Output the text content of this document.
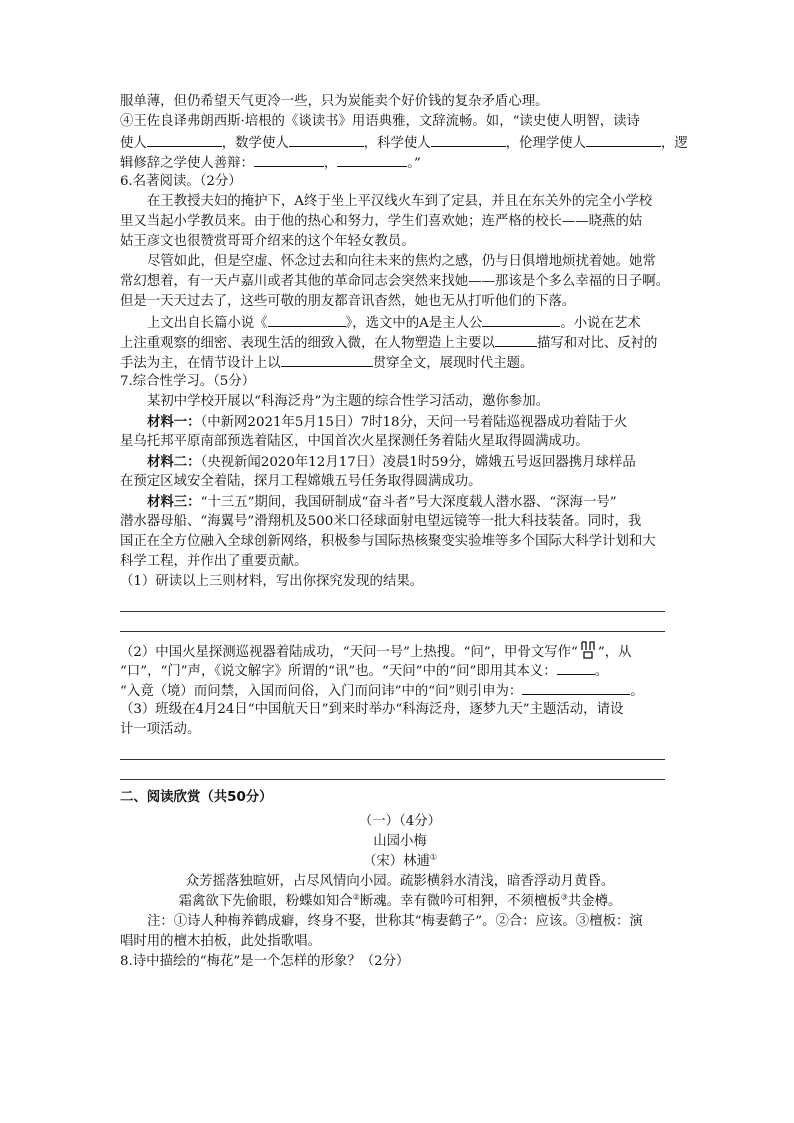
服单薄，但仍希望天气更冷一些，只为炭能卖个好价钱的复杂矛盾心理。
④王佐良译弗朗西斯·培根的《谈读书》用语典雅，文辞流畅。如，“读史使人明智，读诗
使人	，数学使人	，科学使人	，伦理学使人	，逻
辑修辞之学使人善辩：	，	。”
6.名著阅读。（2分）
在王教授夫妇的掩护下，A终于坐上平汉线火车到了定县，并且在东关外的完全小学校
里又当起小学教员来。由于他的热心和努力，学生们喜欢她；连严格的校长——晓燕的姑
姑王彦文也很赞赏哥哥介绍来的这个年轻女教员。
尽管如此，但是空虚、怀念过去和向往未来的焦灼之感，仍与日俱增地烦扰着她。她常
常幻想着，有一天卢嘉川或者其他的革命同志会突然来找她——那该是个多么幸福的日子啊。
但是一天天过去了，这些可敬的朋友都音讯杳然，她也无从打听他们的下落。
上文出自长篇小说《	》，选文中的A是主人公	。小说在艺术
上注重观察的细密、表现生活的细致入微，在人物塑造上主要以	描写和对比、反衬的
手法为主，在情节设计上以	贯穿全文，展现时代主题。
7.综合性学习。（5分）
某初中学校开展以“科海泛舟”为主题的综合性学习活动，邀你参加。
材料一：（中新网2021年5月15日）7时18分，天问一号着陆巡视器成功着陆于火
星乌托邦平原南部预选着陆区，中国首次火星探测任务着陆火星取得圆满成功。
材料二：（央视新闻2020年12月17日）凌晨1时59分，嫦娥五号返回器携月球样品
在预定区域安全着陆，探月工程嫦娥五号任务取得圆满成功。
材料三：“十三五”期间，我国研制成“奋斗者”号大深度载人潜水器、“深海一号”
潜水器母船、“海翼号”滑翔机及500米口径球面射电望远镜等一批大科技装备。同时，我
国正在全方位融入全球创新网络，积极参与国际热核聚变实验堆等多个国际大科学计划和大
科学工程，并作出了重要贡献。
（1）研读以上三则材料，写出你探究发现的结果。
（2）中国火星探测巡视器着陆成功，“天问一号”上热搜。“问”，甲骨文写作“ ”，从
“口”，“门”声，《说文解字》所谓的“讯”也。“天问”中的“问”即用其本义：	。
“入竟（境）而问禁，入国而问俗，入门而问讳”中的“问”则引申为：	。
（3）班级在4月24日“中国航天日”到来时举办“科海泛舟，逐梦九天”主题活动，请设
计一项活动。
二、阅读欣赏（共50分）
（一）（4分）
山园小梅
（宋）林逋①
众芳摇落独暄妍，占尽风情向小园。疏影横斜水清浅，暗香浮动月黄昏。
霜禽欲下先偷眼，粉蝶如知合②断魂。幸有微吟可相狎，不须檀板③共金樽。
注：①诗人种梅养鹤成癖，终身不娶，世称其“梅妻鹤子”。②合：应该。③檀板：演
唱时用的檀木拍板，此处指歌唱。
8.诗中描绘的“梅花”是一个怎样的形象？（2分）
